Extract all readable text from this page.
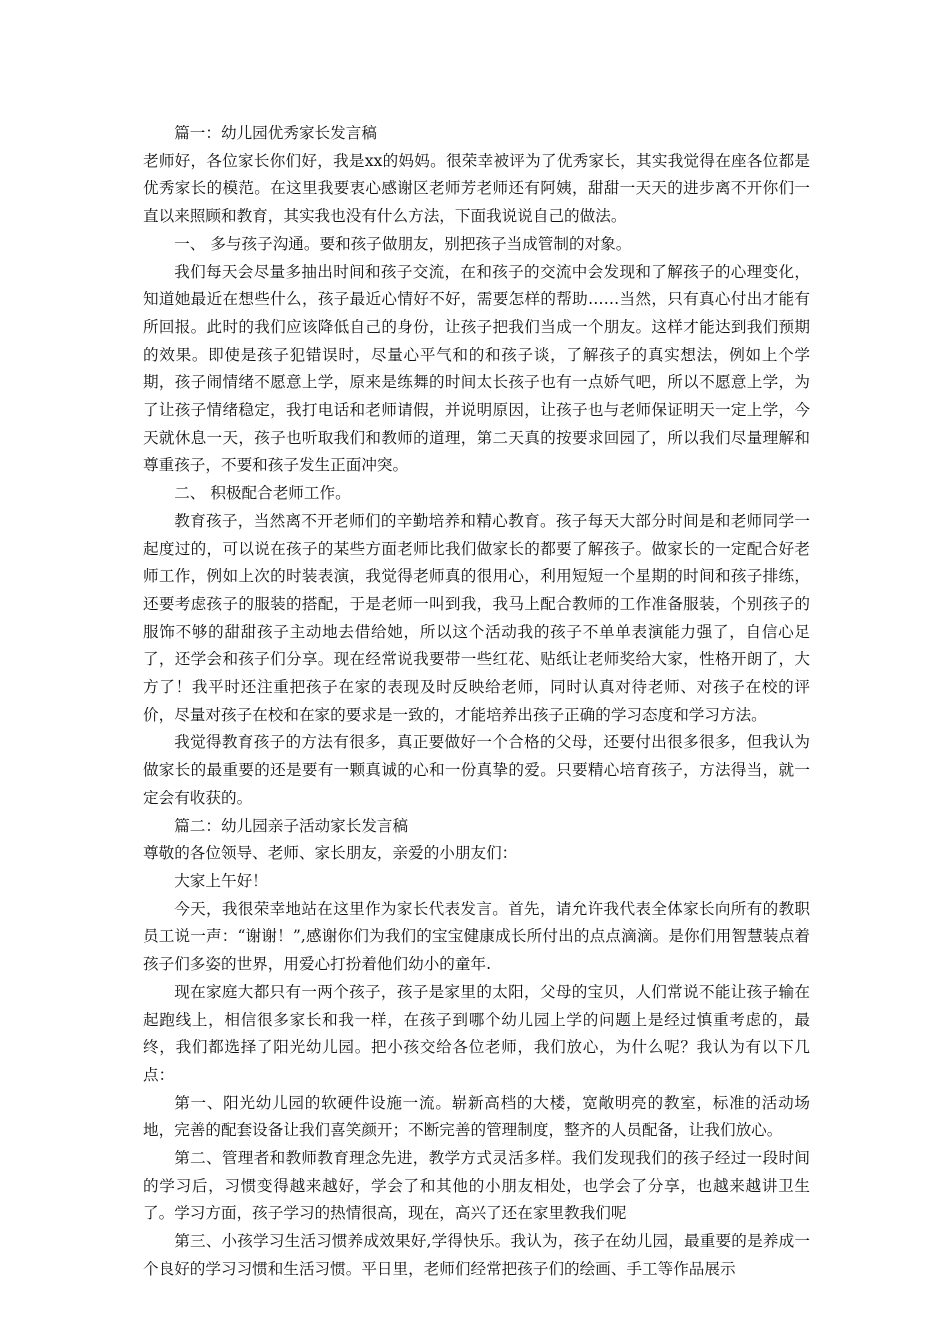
篇一：幼儿园优秀家长发言稿

老师好，各位家长你们好，我是xx的妈妈。很荣幸被评为了优秀家长，其实我觉得在座各位都是优秀家长的模范。在这里我要衷心感谢区老师芳老师还有阿姨，甜甜一天天的进步离不开你们一直以来照顾和教育，其实我也没有什么方法，下面我说说自己的做法。

一、 多与孩子沟通。要和孩子做朋友，别把孩子当成管制的对象。

我们每天会尽量多抽出时间和孩子交流，在和孩子的交流中会发现和了解孩子的心理变化，知道她最近在想些什么，孩子最近心情好不好，需要怎样的帮助……当然，只有真心付出才能有所回报。此时的我们应该降低自己的身份，让孩子把我们当成一个朋友。这样才能达到我们预期的效果。即使是孩子犯错误时，尽量心平气和的和孩子谈，了解孩子的真实想法，例如上个学期，孩子闹情绪不愿意上学，原来是练舞的时间太长孩子也有一点娇气吧，所以不愿意上学，为了让孩子情绪稳定，我打电话和老师请假，并说明原因，让孩子也与老师保证明天一定上学，今天就休息一天，孩子也听取我们和教师的道理，第二天真的按要求回园了，所以我们尽量理解和尊重孩子，不要和孩子发生正面冲突。

二、 积极配合老师工作。

教育孩子，当然离不开老师们的辛勤培养和精心教育。孩子每天大部分时间是和老师同学一起度过的，可以说在孩子的某些方面老师比我们做家长的都要了解孩子。做家长的一定配合好老师工作，例如上次的时装表演，我觉得老师真的很用心，利用短短一个星期的时间和孩子排练，还要考虑孩子的服装的搭配，于是老师一叫到我，我马上配合教师的工作准备服装，个别孩子的服饰不够的甜甜孩子主动地去借给她，所以这个活动我的孩子不单单表演能力强了，自信心足了，还学会和孩子们分享。现在经常说我要带一些红花、贴纸让老师奖给大家，性格开朗了，大方了！我平时还注重把孩子在家的表现及时反映给老师，同时认真对待老师、对孩子在校的评价，尽量对孩子在校和在家的要求是一致的，才能培养出孩子正确的学习态度和学习方法。

我觉得教育孩子的方法有很多，真正要做好一个合格的父母，还要付出很多很多，但我认为做家长的最重要的还是要有一颗真诚的心和一份真挚的爱。只要精心培育孩子，方法得当，就一定会有收获的。

篇二：幼儿园亲子活动家长发言稿

尊敬的各位领导、老师、家长朋友，亲爱的小朋友们：

大家上午好！

今天，我很荣幸地站在这里作为家长代表发言。首先，请允许我代表全体家长向所有的教职员工说一声：“谢谢！”,感谢你们为我们的宝宝健康成长所付出的点点滴滴。是你们用智慧装点着孩子们多姿的世界，用爱心打扮着他们幼小的童年.

现在家庭大都只有一两个孩子，孩子是家里的太阳，父母的宝贝，人们常说不能让孩子输在起跑线上，相信很多家长和我一样，在孩子到哪个幼儿园上学的问题上是经过慎重考虑的，最终，我们都选择了阳光幼儿园。把小孩交给各位老师，我们放心，为什么呢？我认为有以下几点：

第一、阳光幼儿园的软硬件设施一流。崭新高档的大楼，宽敞明亮的教室，标准的活动场地，完善的配套设备让我们喜笑颜开；不断完善的管理制度，整齐的人员配备，让我们放心。

第二、管理者和教师教育理念先进，教学方式灵活多样。我们发现我们的孩子经过一段时间的学习后，习惯变得越来越好，学会了和其他的小朋友相处，也学会了分享，也越来越讲卫生了。学习方面，孩子学习的热情很高，现在，高兴了还在家里教我们呢

第三、小孩学习生活习惯养成效果好,学得快乐。我认为，孩子在幼儿园，最重要的是养成一个良好的学习习惯和生活习惯。平日里，老师们经常把孩子们的绘画、手工等作品展示
